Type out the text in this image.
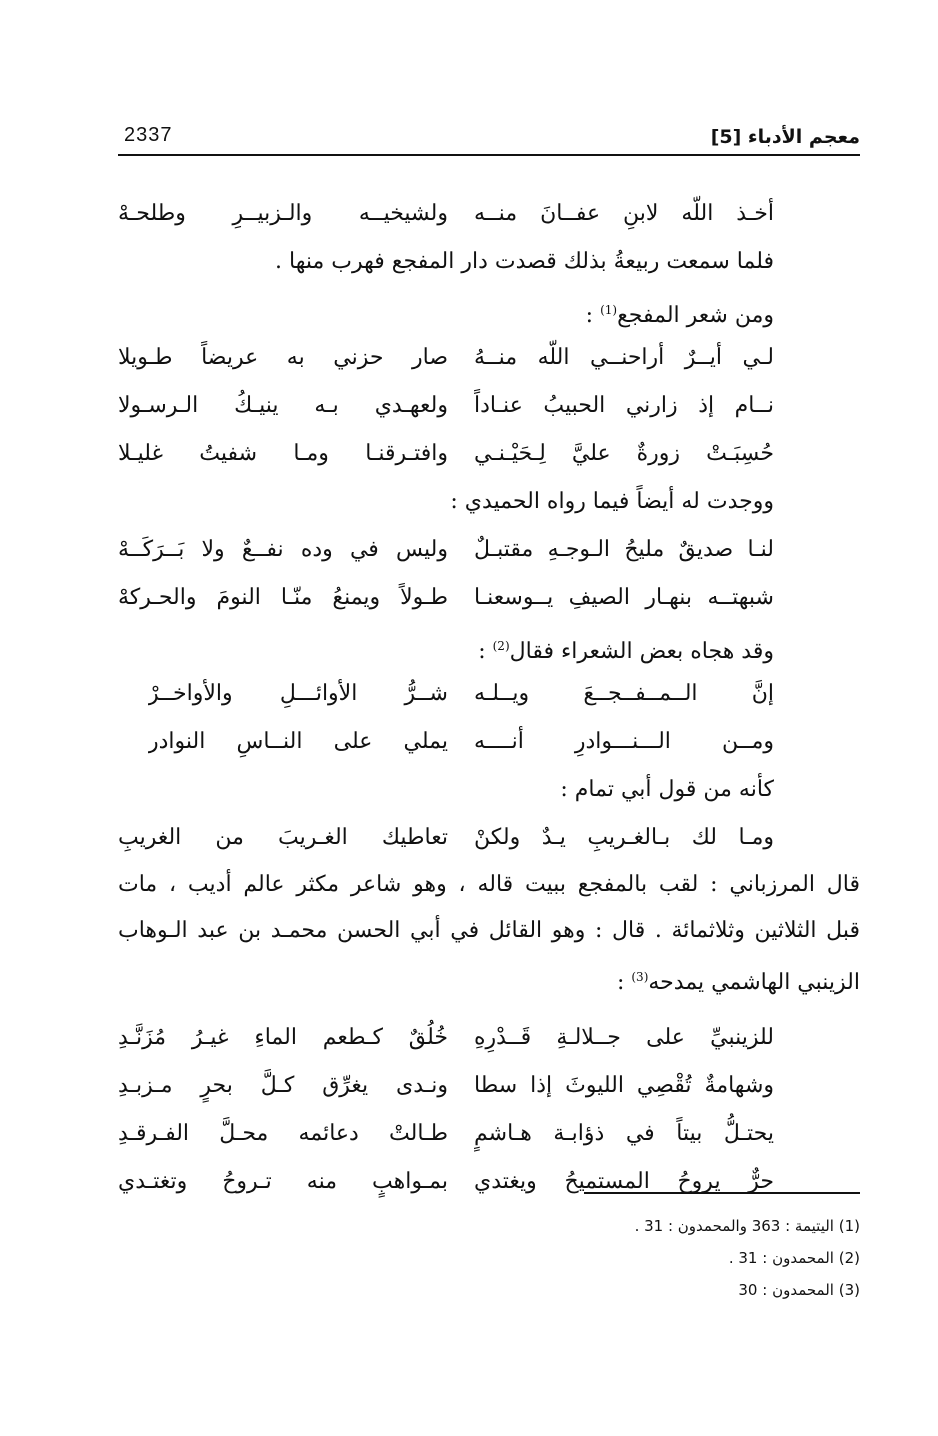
معجم الأدباء [5]
2337
أخـذ اللّه لابنِ عفــانَ منــه
ولشيخيــه والـزبيــرِ وطلحـهْ
فلما سمعت ربيعةُ بذلك قصدت دار المفجع فهرب منها .
ومن شعر المفجع$^{(1)}$ :
لـي أيــرٌ أراحنــي اللّه منــهُ
صار حزني به عريضاً طـويلا
نــام إذ زارني الحبيبُ عنـاداً
ولعهـدي بـه ينيـكُ الـرسـولا
حُسِبَـتْ زورةٌ عليَّ لِـحَيْـنـي
وافتـرقنـا ومـا شفيتُ غليـلا
ووجدت له أيضاً فيما رواه الحميدي :
لنـا صديقٌ مليحُ الـوجـهِ مقتبـلٌ
وليس في وده نفــعٌ ولا بَــرَكَــهْ
شبهتــه بنهـار الصيفِ يــوسعنـا
طـولاً ويمنعُ منّـا النومَ والحـركهْ
وقد هجاه بعض الشعراء فقال$^{(2)}$ :
إنَّ الــمــفــجــعَ ويــلـه
شــرُّ الأوائـــلِ والأواخــرْ
ومــن الـــنـــوادرِ أنــــه
يملي على النــاسِ النوادر
كأنه من قول أبي تمام :
ومـا لك بـالغـريبِ يـدٌ ولكنْ
تعاطيك الغـريبَ من الغريبِ
قال المرزباني : لقب بالمفجع ببيت قاله ، وهو شاعر مكثر عالم أديب ، مات
قبل الثلاثين وثلاثمائة . قال : وهو القائل في أبي الحسن محمـد بن عبد الـوهاب
الزينبي الهاشمي يمدحه$^{(3)}$ :
للزينبيِّ على جــلالـةِ قَــدْرِهِ
خُلُقٌ كـطعم الماءِ غيـرُ مُزَنَّـدِ
وشهامةٌ تُقْصِي الليوثَ إذا سطا
ونـدى يغرِّق كـلَّ بحرٍ مـزبـدِ
يحتـلُّ بيتاً في ذؤابـة هـاشمٍ
طـالتْ دعائمه محـلَّ الفـرقـدِ
حرٌّ يروحُ المستميحُ ويغتدي
بمـواهبٍ منه تـروحُ وتغتـدي
(1) اليتيمة : 363 والمحمدون : 31 .
(2) المحمدون : 31 .
(3) المحمدون : 30
